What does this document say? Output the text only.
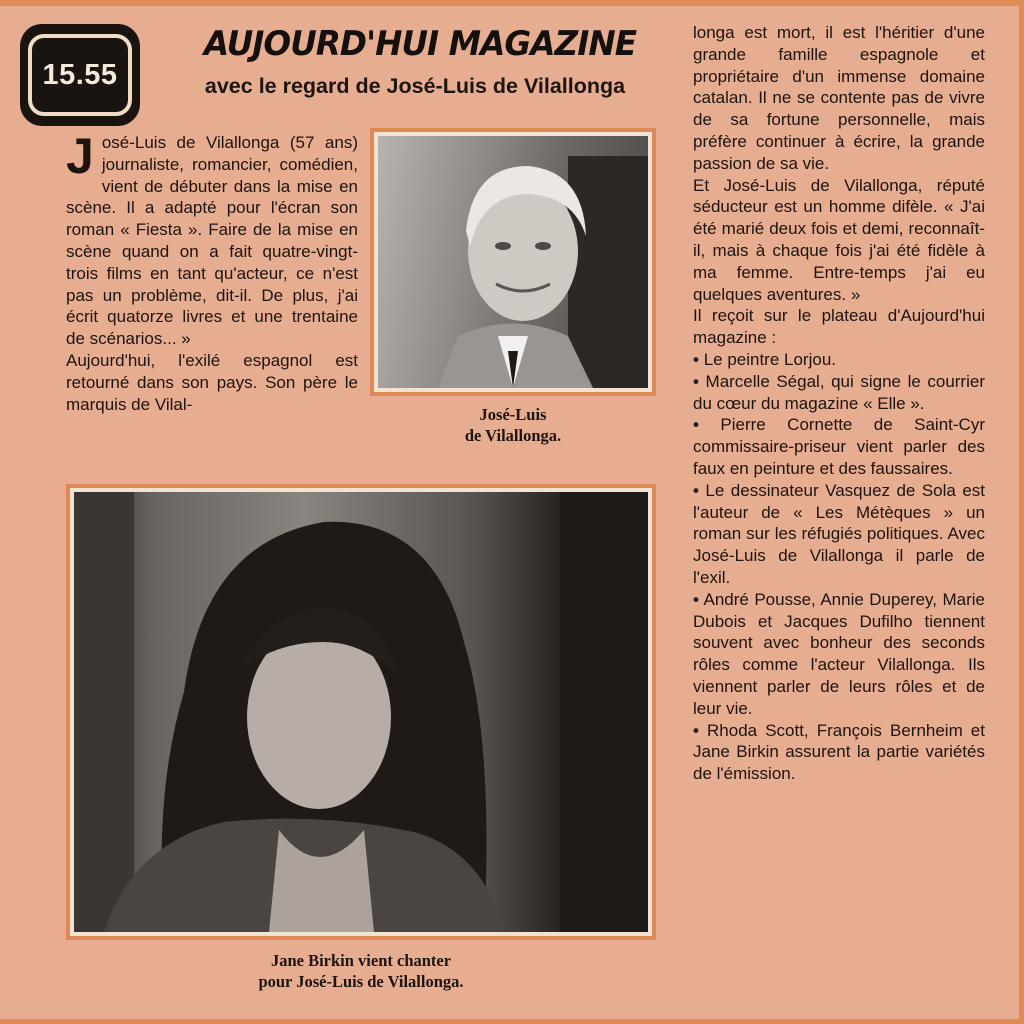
15.55
AUJOURD'HUI MAGAZINE
avec le regard de José-Luis de Vilallonga

José-Luis de Vilallonga (57 ans) journaliste, romancier, comédien, vient de débuter dans la mise en scène. Il a adapté pour l'écran son roman « Fiesta ». Faire de la mise en scène quand on a fait quatre-vingt-trois films en tant qu'acteur, ce n'est pas un problème, dit-il. De plus, j'ai écrit quatorze livres et une trentaine de scénarios... »

Aujourd'hui, l'exilé espagnol est retourné dans son pays. Son père le marquis de Vilal-

José-Luis
de Vilallonga.
Jane Birkin vient chanter
pour José-Luis de Vilallonga.

longa est mort, il est l'héritier d'une grande famille espagnole et propriétaire d'un immense domaine catalan. Il ne se contente pas de vivre de sa fortune personnelle, mais préfère continuer à écrire, la grande passion de sa vie.

Et José-Luis de Vilallonga, réputé séducteur est un homme difèle. « J'ai été marié deux fois et demi, reconnaît-il, mais à chaque fois j'ai été fidèle à ma femme. Entre-temps j'ai eu quelques aventures. »

Il reçoit sur le plateau d'Aujourd'hui magazine :

• Le peintre Lorjou.

• Marcelle Ségal, qui signe le courrier du cœur du magazine « Elle ».

• Pierre Cornette de Saint-Cyr commissaire-priseur vient parler des faux en peinture et des faussaires.

• Le dessinateur Vasquez de Sola est l'auteur de « Les Métèques » un roman sur les réfugiés politiques. Avec José-Luis de Vilallonga il parle de l'exil.

• André Pousse, Annie Duperey, Marie Dubois et Jacques Dufilho tiennent souvent avec bonheur des seconds rôles comme l'acteur Vilallonga. Ils viennent parler de leurs rôles et de leur vie.

• Rhoda Scott, François Bernheim et Jane Birkin assurent la partie variétés de l'émission.
